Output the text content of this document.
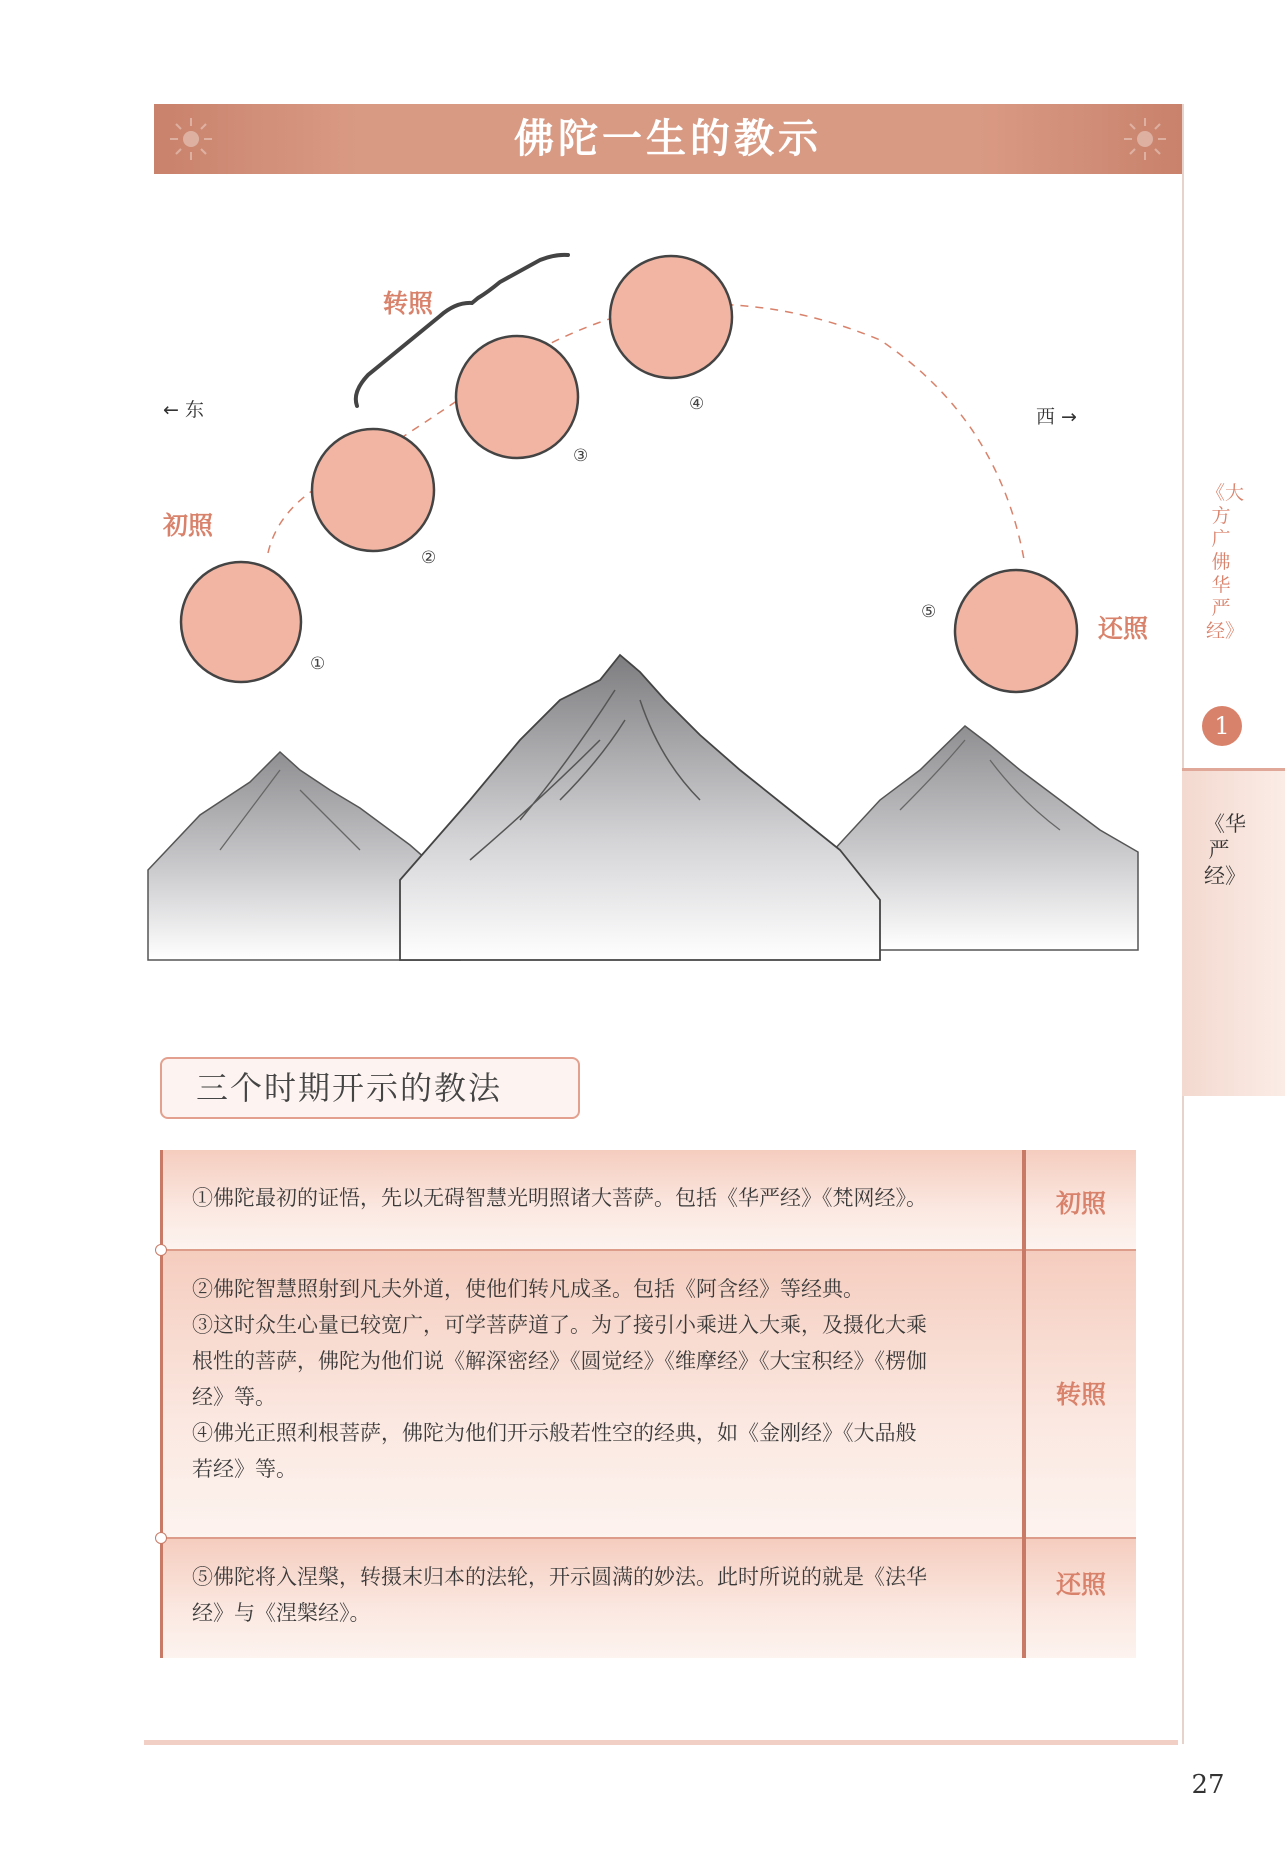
佛陀一生的教示
转照
初照
还照
← 东	西 →
①
②
③
④
⑤
《大方广佛华严经》
1
《华严经》
三个时期开示的教法
①佛陀最初的证悟，先以无碍智慧光明照诸大菩萨。包括《华严经》《梵网经》。	初照
②佛陀智慧照射到凡夫外道，使他们转凡成圣。包括《阿含经》等经典。
③这时众生心量已较宽广，可学菩萨道了。为了接引小乘进入大乘，及摄化大乘
根性的菩萨，佛陀为他们说《解深密经》《圆觉经》《维摩经》《大宝积经》《楞伽
经》等。
④佛光正照利根菩萨，佛陀为他们开示般若性空的经典，如《金刚经》《大品般
若经》等。
转照
⑤佛陀将入涅槃，转摄末归本的法轮，开示圆满的妙法。此时所说的就是《法华
经》与《涅槃经》。
还照
27
